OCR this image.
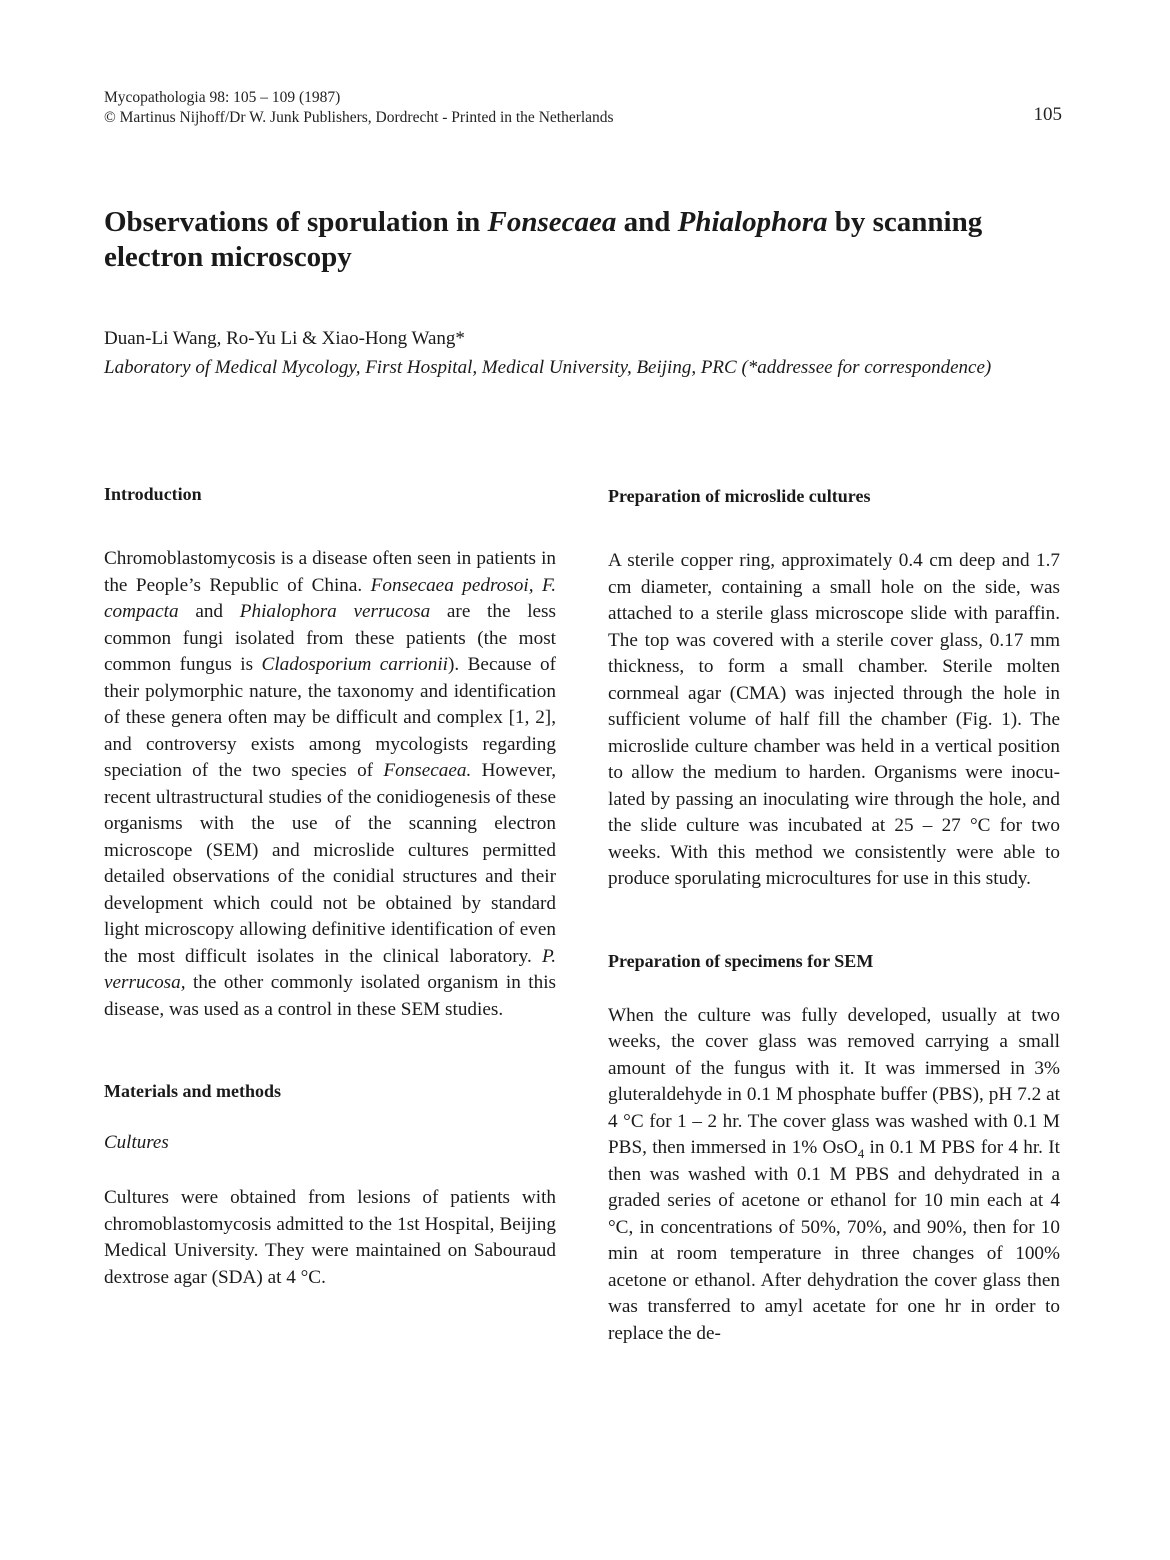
Mycopathologia 98: 105 – 109 (1987)
© Martinus Nijhoff/Dr W. Junk Publishers, Dordrecht - Printed in the Netherlands	105
Observations of sporulation in Fonsecaea and Phialophora by scanning electron microscopy
Duan-Li Wang, Ro-Yu Li & Xiao-Hong Wang*
Laboratory of Medical Mycology, First Hospital, Medical University, Beijing, PRC (*addressee for correspondence)
Introduction

Chromoblastomycosis is a disease often seen in patients in the People’s Republic of China. Fonsecaea pedrosoi, F. compacta and Phialophora verrucosa are the less common fungi isolated from these patients (the most common fungus is Cladosporium carrionii). Because of their polymorphic nature, the taxonomy and identification of these genera often may be difficult and complex [1, 2], and controversy exists among mycologists regarding speciation of the two species of Fonsecaea. However, recent ultrastructural studies of the conidiogenesis of these organisms with the use of the scanning electron microscope (SEM) and microslide cultures permitted detailed observations of the conidial structures and their development which could not be obtained by standard light microscopy allowing definitive identification of even the most difficult isolates in the clinical laboratory. P. verrucosa, the other commonly isolated organism in this disease, was used as a control in these SEM studies.

Materials and methods
Cultures

Cultures were obtained from lesions of patients with chromoblastomycosis admitted to the 1st Hospital, Beijing Medical University. They were maintained on Sabouraud dextrose agar (SDA) at 4 °C.

Preparation of microslide cultures

A sterile copper ring, approximately 0.4 cm deep and 1.7 cm diameter, containing a small hole on the side, was attached to a sterile glass microscope slide with paraffin. The top was covered with a sterile cover glass, 0.17 mm thickness, to form a small chamber. Sterile molten cornmeal agar (CMA) was injected through the hole in sufficient volume of half fill the chamber (Fig. 1). The microslide culture chamber was held in a vertical position to allow the medium to harden. Organisms were inoculated by passing an inoculating wire through the hole, and the slide culture was incubated at 25 – 27 °C for two weeks. With this method we consistently were able to produce sporulating microcultures for use in this study.

Preparation of specimens for SEM

When the culture was fully developed, usually at two weeks, the cover glass was removed carrying a small amount of the fungus with it. It was immersed in 3% gluteraldehyde in 0.1 M phosphate buffer (PBS), pH 7.2 at 4 °C for 1 – 2 hr. The cover glass was washed with 0.1 M PBS, then immersed in 1% OsO$_4$ in 0.1 M PBS for 4 hr. It then was washed with 0.1 M PBS and dehydrated in a graded series of acetone or ethanol for 10 min each at 4 °C, in concentrations of 50%, 70%, and 90%, then for 10 min at room temperature in three changes of 100% acetone or ethanol. After dehydration the cover glass then was transferred to amyl acetate for one hr in order to replace the de-
